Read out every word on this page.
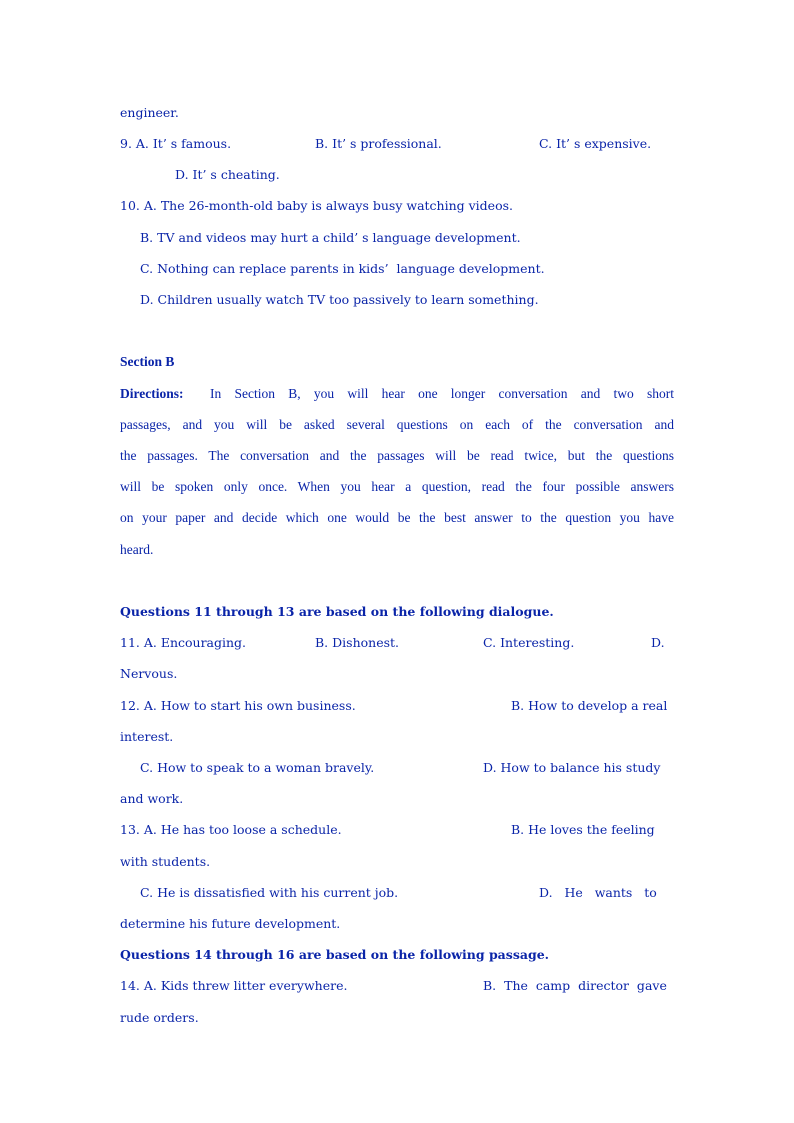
engineer.
9. A. It’ s famous.	B. It’ s professional.	C. It’ s expensive.
D. It’ s cheating.
10. A. The 26-month-old baby is always busy watching videos.
B. TV and videos may hurt a child’ s language development.
C. Nothing can replace parents in kids’  language development.
D. Children usually watch TV too passively to learn something.
Section B
Directions: In Section B, you will hear one longer conversation and two short
passages, and you will be asked several questions on each of the conversation and
the passages. The conversation and the passages will be read twice, but the questions
will be spoken only once. When you hear a question, read the four possible answers
on your paper and decide which one would be the best answer to the question you have
heard.
Questions 11 through 13 are based on the following dialogue.
11. A. Encouraging.	B. Dishonest.	C. Interesting.	D.
Nervous.
12. A. How to start his own business.	B. How to develop a real
interest.
C. How to speak to a woman bravely.	D. How to balance his study
and work.
13. A. He has too loose a schedule.	B. He loves the feeling
with students.
C. He is dissatisfied with his current job.	D.   He   wants   to
determine his future development.
Questions 14 through 16 are based on the following passage.
14. A. Kids threw litter everywhere.	B.  The  camp  director  gave
rude orders.
